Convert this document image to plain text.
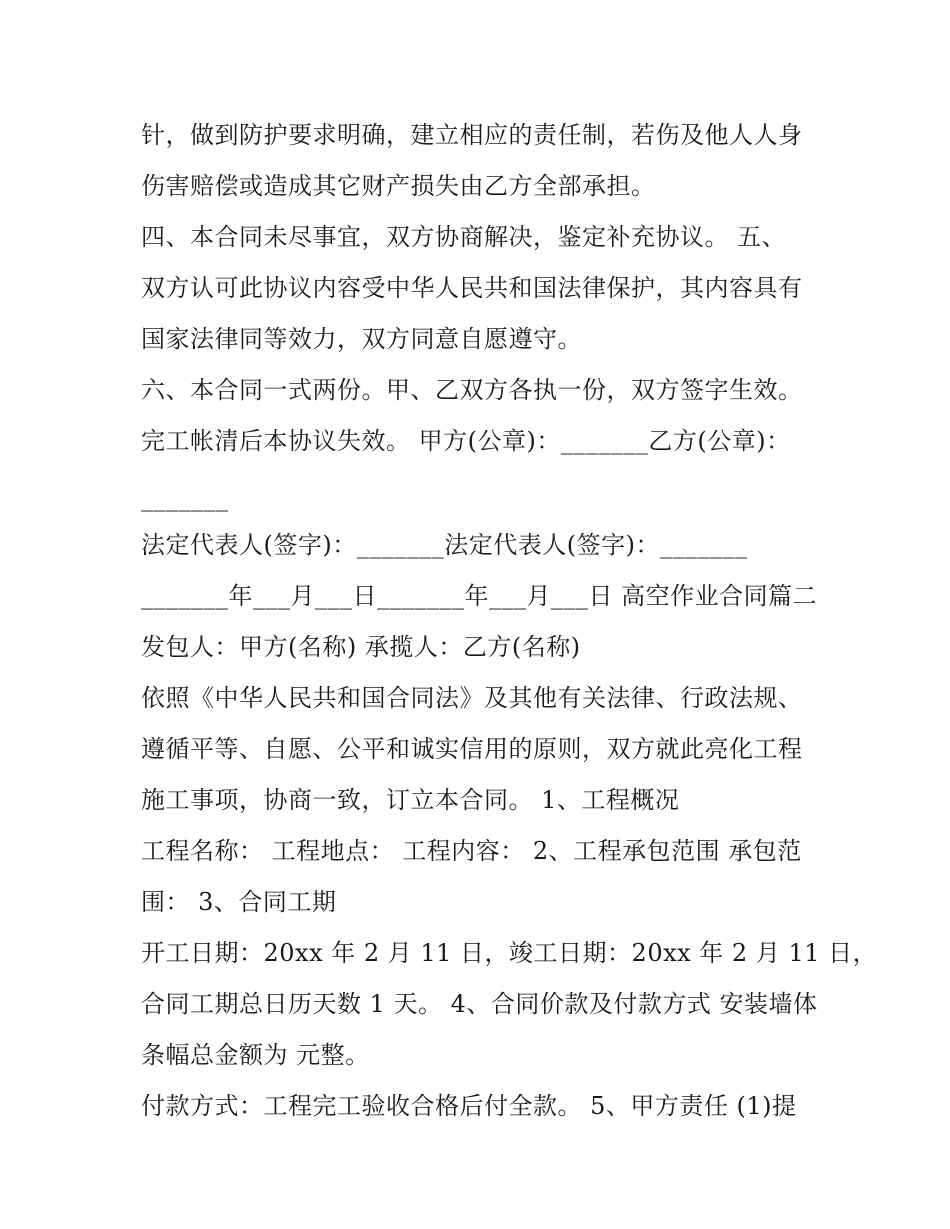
针，做到防护要求明确，建立相应的责任制，若伤及他人人身
伤害赔偿或造成其它财产损失由乙方全部承担。
四、本合同未尽事宜，双方协商解决，鉴定补充协议。 五、
双方认可此协议内容受中华人民共和国法律保护，其内容具有
国家法律同等效力，双方同意自愿遵守。
六、本合同一式两份。甲、乙双方各执一份，双方签字生效。
完工帐清后本协议失效。 甲方(公章)：_______乙方(公章)：
_______
法定代表人(签字)：_______法定代表人(签字)：_______
_______年___月___日_______年___月___日 高空作业合同篇二
发包人：甲方(名称) 承揽人：乙方(名称)
依照《中华人民共和国合同法》及其他有关法律、行政法规、
遵循平等、自愿、公平和诚实信用的原则，双方就此亮化工程
施工事项，协商一致，订立本合同。 1、工程概况
工程名称： 工程地点： 工程内容： 2、工程承包范围 承包范
围： 3、合同工期
开工日期：20xx 年 2 月 11 日，竣工日期：20xx 年 2 月 11 日，
合同工期总日历天数 1 天。 4、合同价款及付款方式 安装墙体
条幅总金额为 元整。
付款方式：工程完工验收合格后付全款。 5、甲方责任 (1)提
